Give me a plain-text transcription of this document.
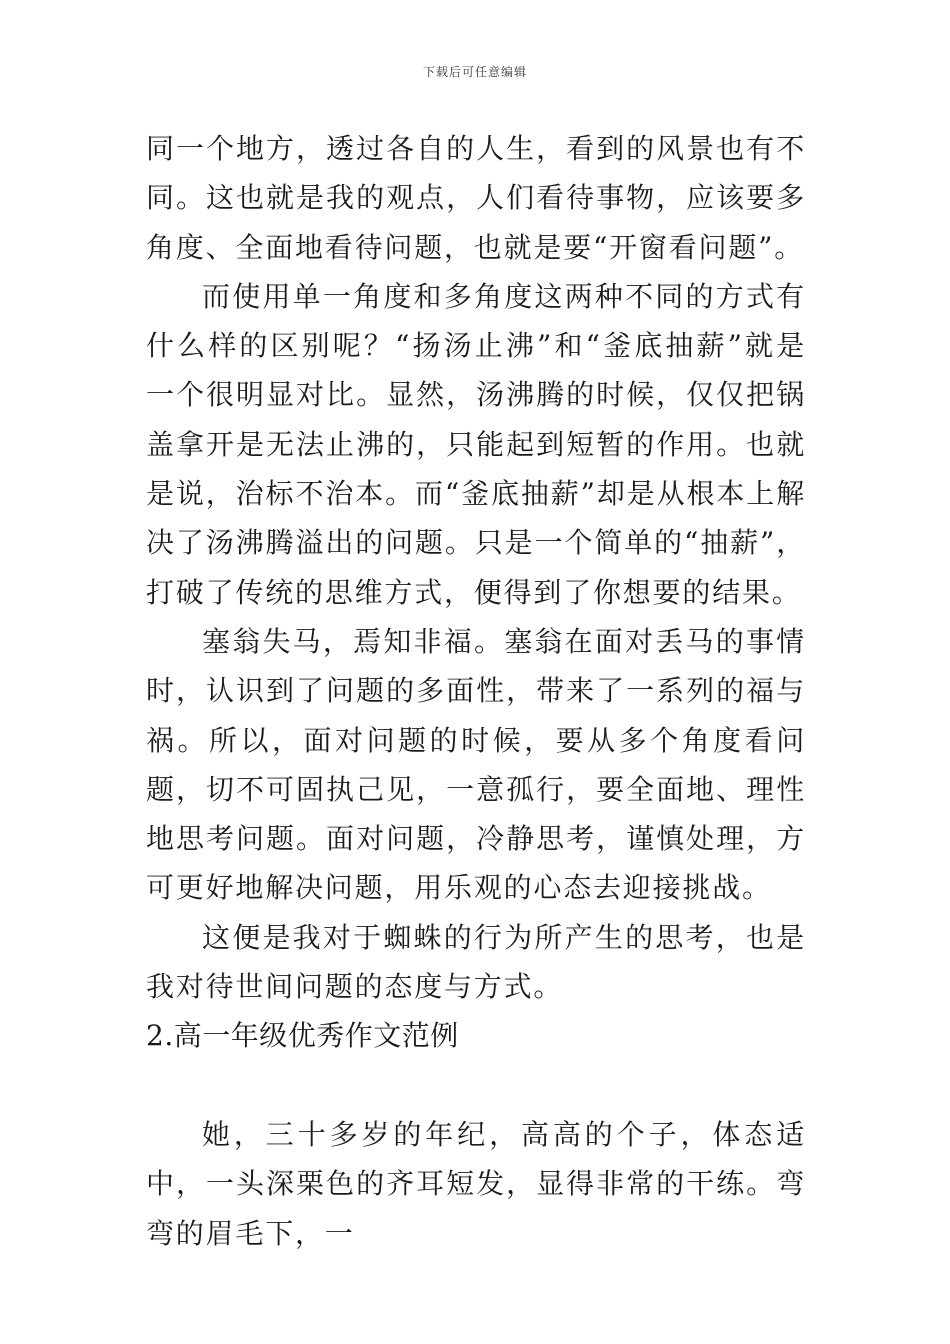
下载后可任意编辑

同一个地方，透过各自的人生，看到的风景也有不同。这也就是我的观点，人们看待事物，应该要多角度、全面地看待问题，也就是要“开窗看问题”。

而使用单一角度和多角度这两种不同的方式有什么样的区别呢？“扬汤止沸”和“釜底抽薪”就是一个很明显对比。显然，汤沸腾的时候，仅仅把锅盖拿开是无法止沸的，只能起到短暂的作用。也就是说，治标不治本。而“釜底抽薪”却是从根本上解决了汤沸腾溢出的问题。只是一个简单的“抽薪”，打破了传统的思维方式，便得到了你想要的结果。

塞翁失马，焉知非福。塞翁在面对丢马的事情时，认识到了问题的多面性，带来了一系列的福与祸。所以，面对问题的时候，要从多个角度看问题，切不可固执己见，一意孤行，要全面地、理性地思考问题。面对问题，冷静思考，谨慎处理，方可更好地解决问题，用乐观的心态去迎接挑战。

这便是我对于蜘蛛的行为所产生的思考，也是我对待世间问题的态度与方式。

2.高一年级优秀作文范例

她，三十多岁的年纪，高高的个子，体态适中，一头深栗色的齐耳短发，显得非常的干练。弯弯的眉毛下，一
